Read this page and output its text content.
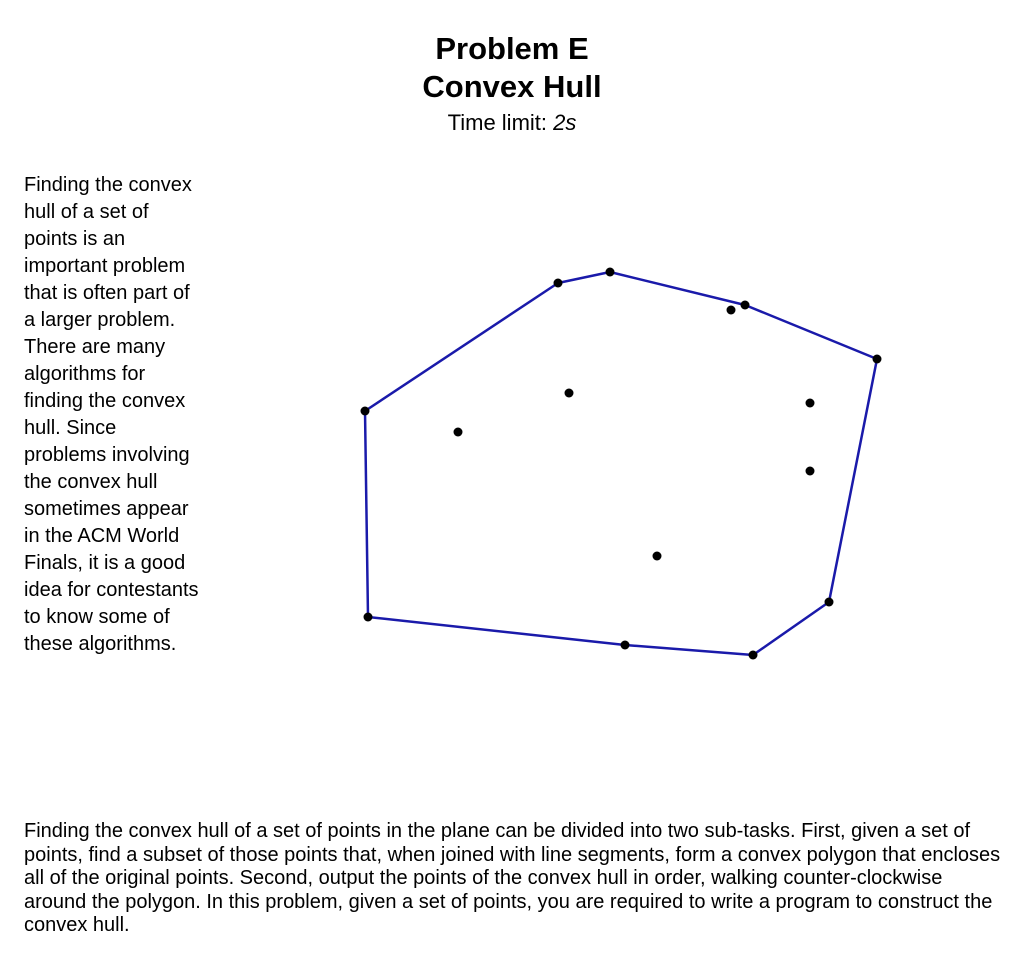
Problem E
Convex Hull

Time limit: 2s

Finding the convex hull of a set of points is an important problem that is often part of a larger problem. There are many algorithms for finding the convex hull. Since problems involving the convex hull sometimes appear in the ACM World Finals, it is a good idea for contestants to know some of these algorithms.

Finding the convex hull of a set of points in the plane can be divided into two sub-tasks. First, given a set of points, find a subset of those points that, when joined with line segments, form a convex polygon that encloses all of the original points. Second, output the points of the convex hull in order, walking counter-clockwise around the polygon. In this problem, given a set of points, you are required to write a program to construct the convex hull.
